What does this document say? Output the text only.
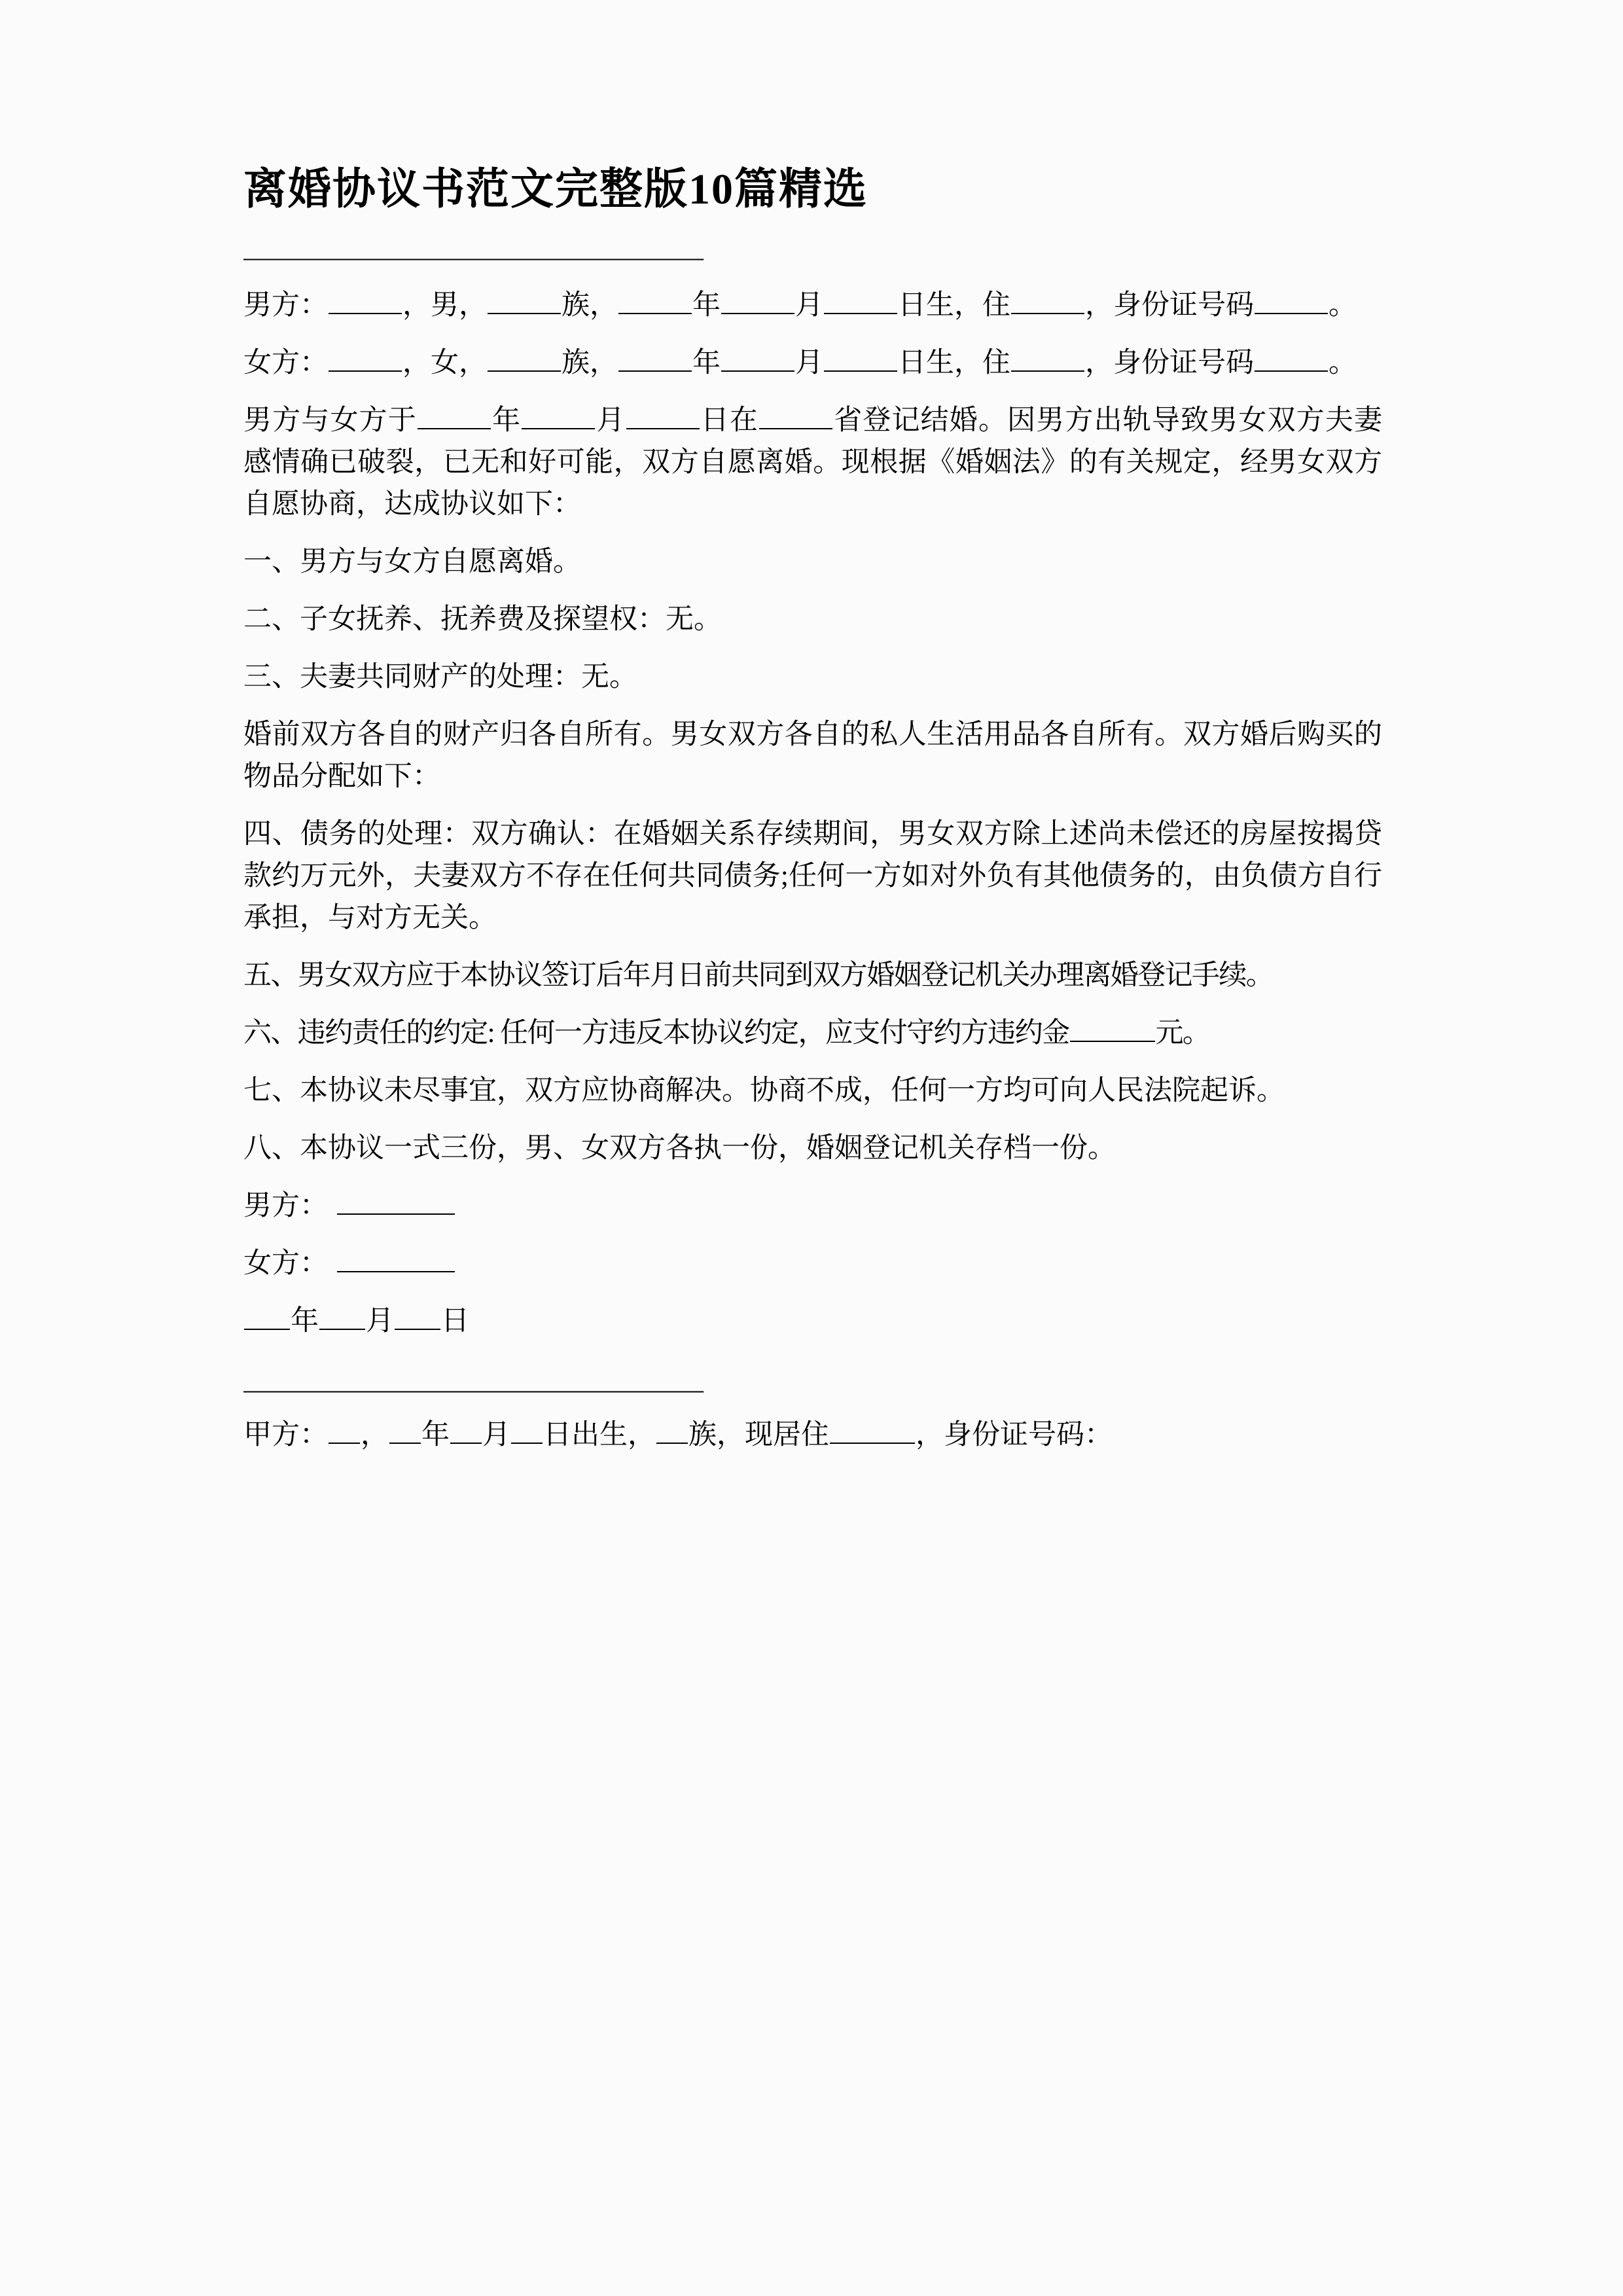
离婚协议书范文完整版10篇精选
——————————————————

男方：	，男，	族，	年	月	日生，住	，身份证号码	。

女方：	，女，	族，	年	月	日生，住	，身份证号码	。

男方与女方于	年	月	日在	省登记结婚。因男方出轨导致男女双方夫妻感情确已破裂，已无和好可能，双方自愿离婚。现根据《婚姻法》的有关规定，经男女双方自愿协商，达成协议如下：

一、男方与女方自愿离婚。

二、子女抚养、抚养费及探望权：无。

三、夫妻共同财产的处理：无。

婚前双方各自的财产归各自所有。男女双方各自的私人生活用品各自所有。双方婚后购买的物品分配如下：

四、债务的处理：双方确认：在婚姻关系存续期间，男女双方除上述尚未偿还的房屋按揭贷款约万元外，夫妻双方不存在任何共同债务;任何一方如对外负有其他债务的，由负债方自行承担，与对方无关。

五、男女双方应于本协议签订后年月日前共同到双方婚姻登记机关办理离婚登记手续。

六、违约责任的约定: 任何一方违反本协议约定，应支付守约方违约金	元。

七、本协议未尽事宜，双方应协商解决。协商不成，任何一方均可向人民法院起诉。

八、本协议一式三份，男、女双方各执一份，婚姻登记机关存档一份。

男方：

女方：

年 月 日

——————————————————

甲方： ， 年 月 日出生， 族，现居住	，身份证号码：
